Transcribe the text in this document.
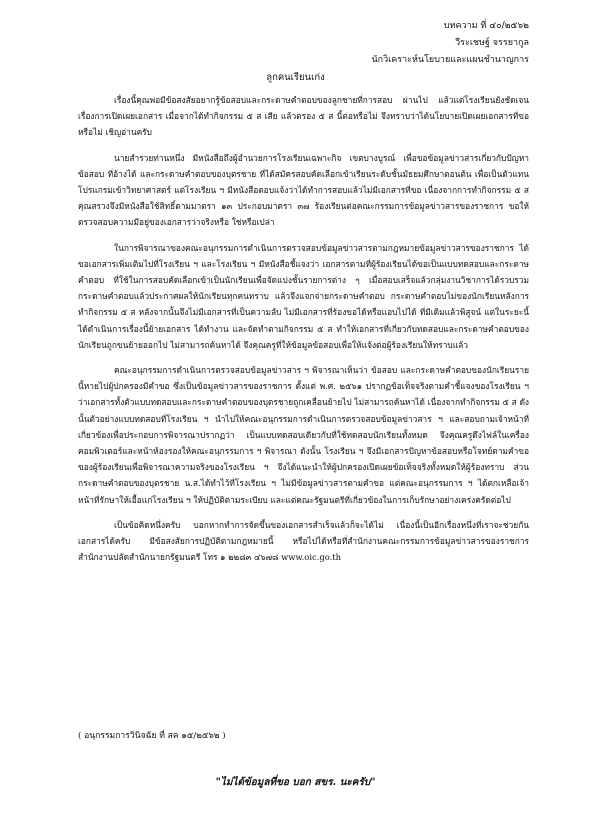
บทความ ที่ ๔๐/๒๕๖๒
วีระเชษฐ์ จรรยากูล
นักวิเคราะห์นโยบายและแผนชำนาญการ
ลูกคนเรียนเก่ง

เรื่องนี้คุณพ่อมีข้อสงสัยอยากรู้ข้อสอบและกระดาษคำตอบของลูกชายที่การสอบ ผ่านไป แล้วแต่โรงเรียนยังชัดเจนเรื่องการเปิดเผยเอกสาร เมื่อจากได้ทำกิจกรรม ๕ ส เสีย แล้วตรอง ๕ ส นี้ต่อหรือไม่ จึงทราบว่าได้นโยบายเปิดเผยเอกสารที่ขอหรือไม่ เชิญอ่านครับ

นายสำรวยท่านหนึ่ง มีหนังสือถึงผู้อำนวยการโรงเรียนเฉพาะกิจ เขตบางบูรณ์ เพื่อขอข้อมูลข่าวสารเกี่ยวกับปัญหาข้อสอบ ที่อ้างได้ และกระดาษคำตอบของบุตรชาย ที่ได้สมัครสอบคัดเลือกเข้าเรียนระดับชั้นมัธยมศึกษาตอนต้น เพื่อเป็นตัวแทนโปรแกรมเข้าวิทยาศาสตร์ แต่โรงเรียน ฯ มีหนังสือตอบแจ้งว่าได้ทำการสอบแล้วไม่มีเอกสารที่ขอ เนื่องจากการทำกิจกรรม ๕ ส คุณสรวงจึงมีหนังสือใช้สิทธิ์ตามมาตรา ๑๓ ประกอบมาตรา ๓๗ ร้องเรียนต่อคณะกรรมการข้อมูลข่าวสารของราชการ ขอให้ตรวจสอบความมีอยู่ของเอกสารว่าจริงหรือ ใช่หรือเปล่า

ในการพิจารณาของคณะอนุกรรมการดำเนินการตรวจสอบข้อมูลข่าวสารตามกฎหมายข้อมูลข่าวสารของราชการ ได้ขอเอกสารเพิ่มเติมไปที่โรงเรียน ฯ และโรงเรียน ฯ มีหนังสือชี้แจงว่า เอกสารตามที่ผู้ร้องเรียนได้ขอเป็นแบบทดสอบและกระดาษคำตอบ ที่ใช้ในการสอบคัดเลือกเข้าเป็นนักเรียนเพื่อจัดแบ่งชั้นรายการต่าง ๆ เมื่อสอบเสร็จแล้วกลุ่มงานวิชาการได้รวบรวมกระดาษคำตอบแล้วประกาศผลให้นักเรียนทุกคนทราบ แล้วจึงแจกจ่ายกระดาษคำตอบ กระดาษคำตอบไม่ของนักเรียนหลังการทำกิจกรรม ๕ ส หลังจากนั้นจึงไม่มีเอกสารที่เป็นความลับ ไม่มีเอกสารที่ร้องขอได้หรือแอบไปได้ ที่มีเดิมแล้วพิสูจน์ แต่ในระยะนี้ได้ดำเนินการเรื่องนี้ย้ายเอกสาร ได้ทำงาน และจัดทำตามกิจกรรม ๕ ส ทำให้เอกสารที่เกี่ยวกับทดสอบและกระดาษคำตอบของนักเรียนถูกขนย้ายออกไป ไม่สามารถค้นหาได้ จึงคุณครูที่ให้ข้อมูลข้อสอบเพื่อให้แจ้งต่อผู้ร้องเรียนให้ทราบแล้ว

คณะอนุกรรมการดำเนินการตรวจสอบข้อมูลข่าวสาร ฯ พิจารณาเห็นว่า ข้อสอบ และกระดาษคำตอบของนักเรียนรายนี้หายไปผู้ปกครองมีคำขอ ซึ่งเป็นข้อมูลข่าวสารของราชการ ตั้งแต่ พ.ศ. ๒๕๖๑ ปรากฏข้อเท็จจริงตามคำชี้แจงของโรงเรียน ฯ ว่าเอกสารทั้งตัวแบบทดสอบและกระดาษคำตอบของบุตรชายถูกเคลื่อนย้ายไป ไม่สามารถค้นหาได้ เนื่องจากทำกิจกรรม ๕ ส ดังนั้นตัวอย่างแบบทดสอบที่โรงเรียน ฯ นำไปให้คณะอนุกรรมการดำเนินการตรวจสอบข้อมูลข่าวสาร ฯ และสอบถามเจ้าหน้าที่เกี่ยวข้องเพื่อประกอบการพิจารณาปรากฏว่า เป็นแบบทดสอบเดียวกับที่ใช้ทดสอบนักเรียนทั้งหมด จึงคุณครูดึงไฟล์ในเครื่องคอมพิวเตอร์และหน้าห้องรองให้คณะอนุกรรมการ ฯ พิจารณา ดังนั้น โรงเรียน ฯ จึงมีเอกสารปัญหาข้อสอบหรือโจทย์ตามคำขอของผู้ร้องเรียนเพื่อพิจารณาความจริงของโรงเรียน ฯ จึงได้แนะนำให้ผู้ปกครองเปิดเผยข้อเท็จจริงทั้งหมดให้ผู้ร้องทราบ ส่วนกระดาษคำตอบของบุตรชาย น.ส.ได้ทำไว้ที่โรงเรียน ฯ ไม่มีข้อมูลข่าวสารตามคำขอ แต่คณะอนุกรรมการ ฯ ได้ตกเหลือเจ้าหน้าที่รักษาให้เอื้อแก่โรงเรียน ฯ ให้ปฏิบัติตามระเบียบ และแต่คณะรัฐมนตรีที่เกี่ยวข้องในการเก็บรักษาอย่างเคร่งครัดต่อไป

เป็นข้อคิดหนึ่งครับ บอกหากทำการจัดขึ้นของเอกสารสำเร็จแล้วก็จะได้ไม่ เนื่องนี้เป็นอีกเรื่องหนึ่งที่เราจะช่วยกันเอกสารได้ครับ มีข้อสงสัยการปฏิบัติตามกฎหมายนี้ หรือไปได้หรือที่สำนักงานคณะกรรมการข้อมูลข่าวสารของราชการ สำนักงานปลัดสำนักนายกรัฐมนตรี โทร ๑ ๒๒๘๓ ๔๖๗๘ www.oic.go.th

( อนุกรรมการวินิจฉัย ที่ สค ๑๕/๒๕๖๒ )
"ไม่ได้ข้อมูลที่ขอ บอก สขร. นะครับ"
